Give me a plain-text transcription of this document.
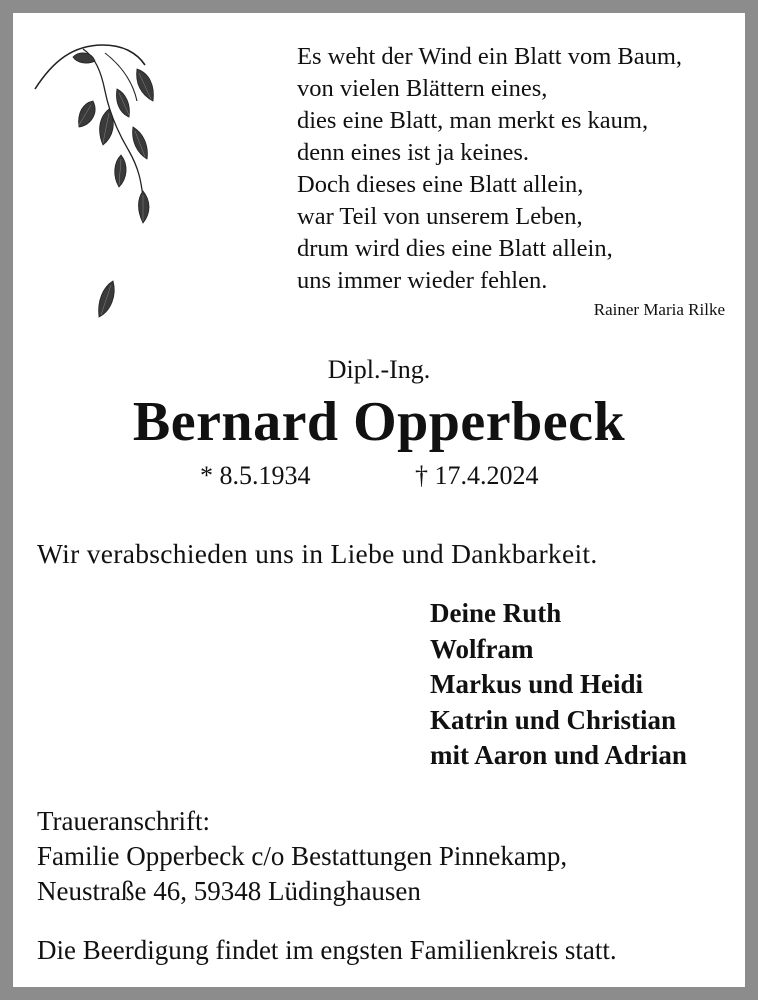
Es weht der Wind ein Blatt vom Baum,
von vielen Blättern eines,
dies eine Blatt, man merkt es kaum,
denn eines ist ja keines.
Doch dieses eine Blatt allein,
war Teil von unserem Leben,
drum wird dies eine Blatt allein,
uns immer wieder fehlen.
Rainer Maria Rilke
Dipl.-Ing.
Bernard Opperbeck
* 8.5.1934	† 17.4.2024
Wir verabschieden uns in Liebe und Dankbarkeit.
Deine Ruth
Wolfram
Markus und Heidi
Katrin und Christian
mit Aaron und Adrian
Traueranschrift:
Familie Opperbeck c/o Bestattungen Pinnekamp,
Neustraße 46, 59348 Lüdinghausen
Die Beerdigung findet im engsten Familienkreis statt.
